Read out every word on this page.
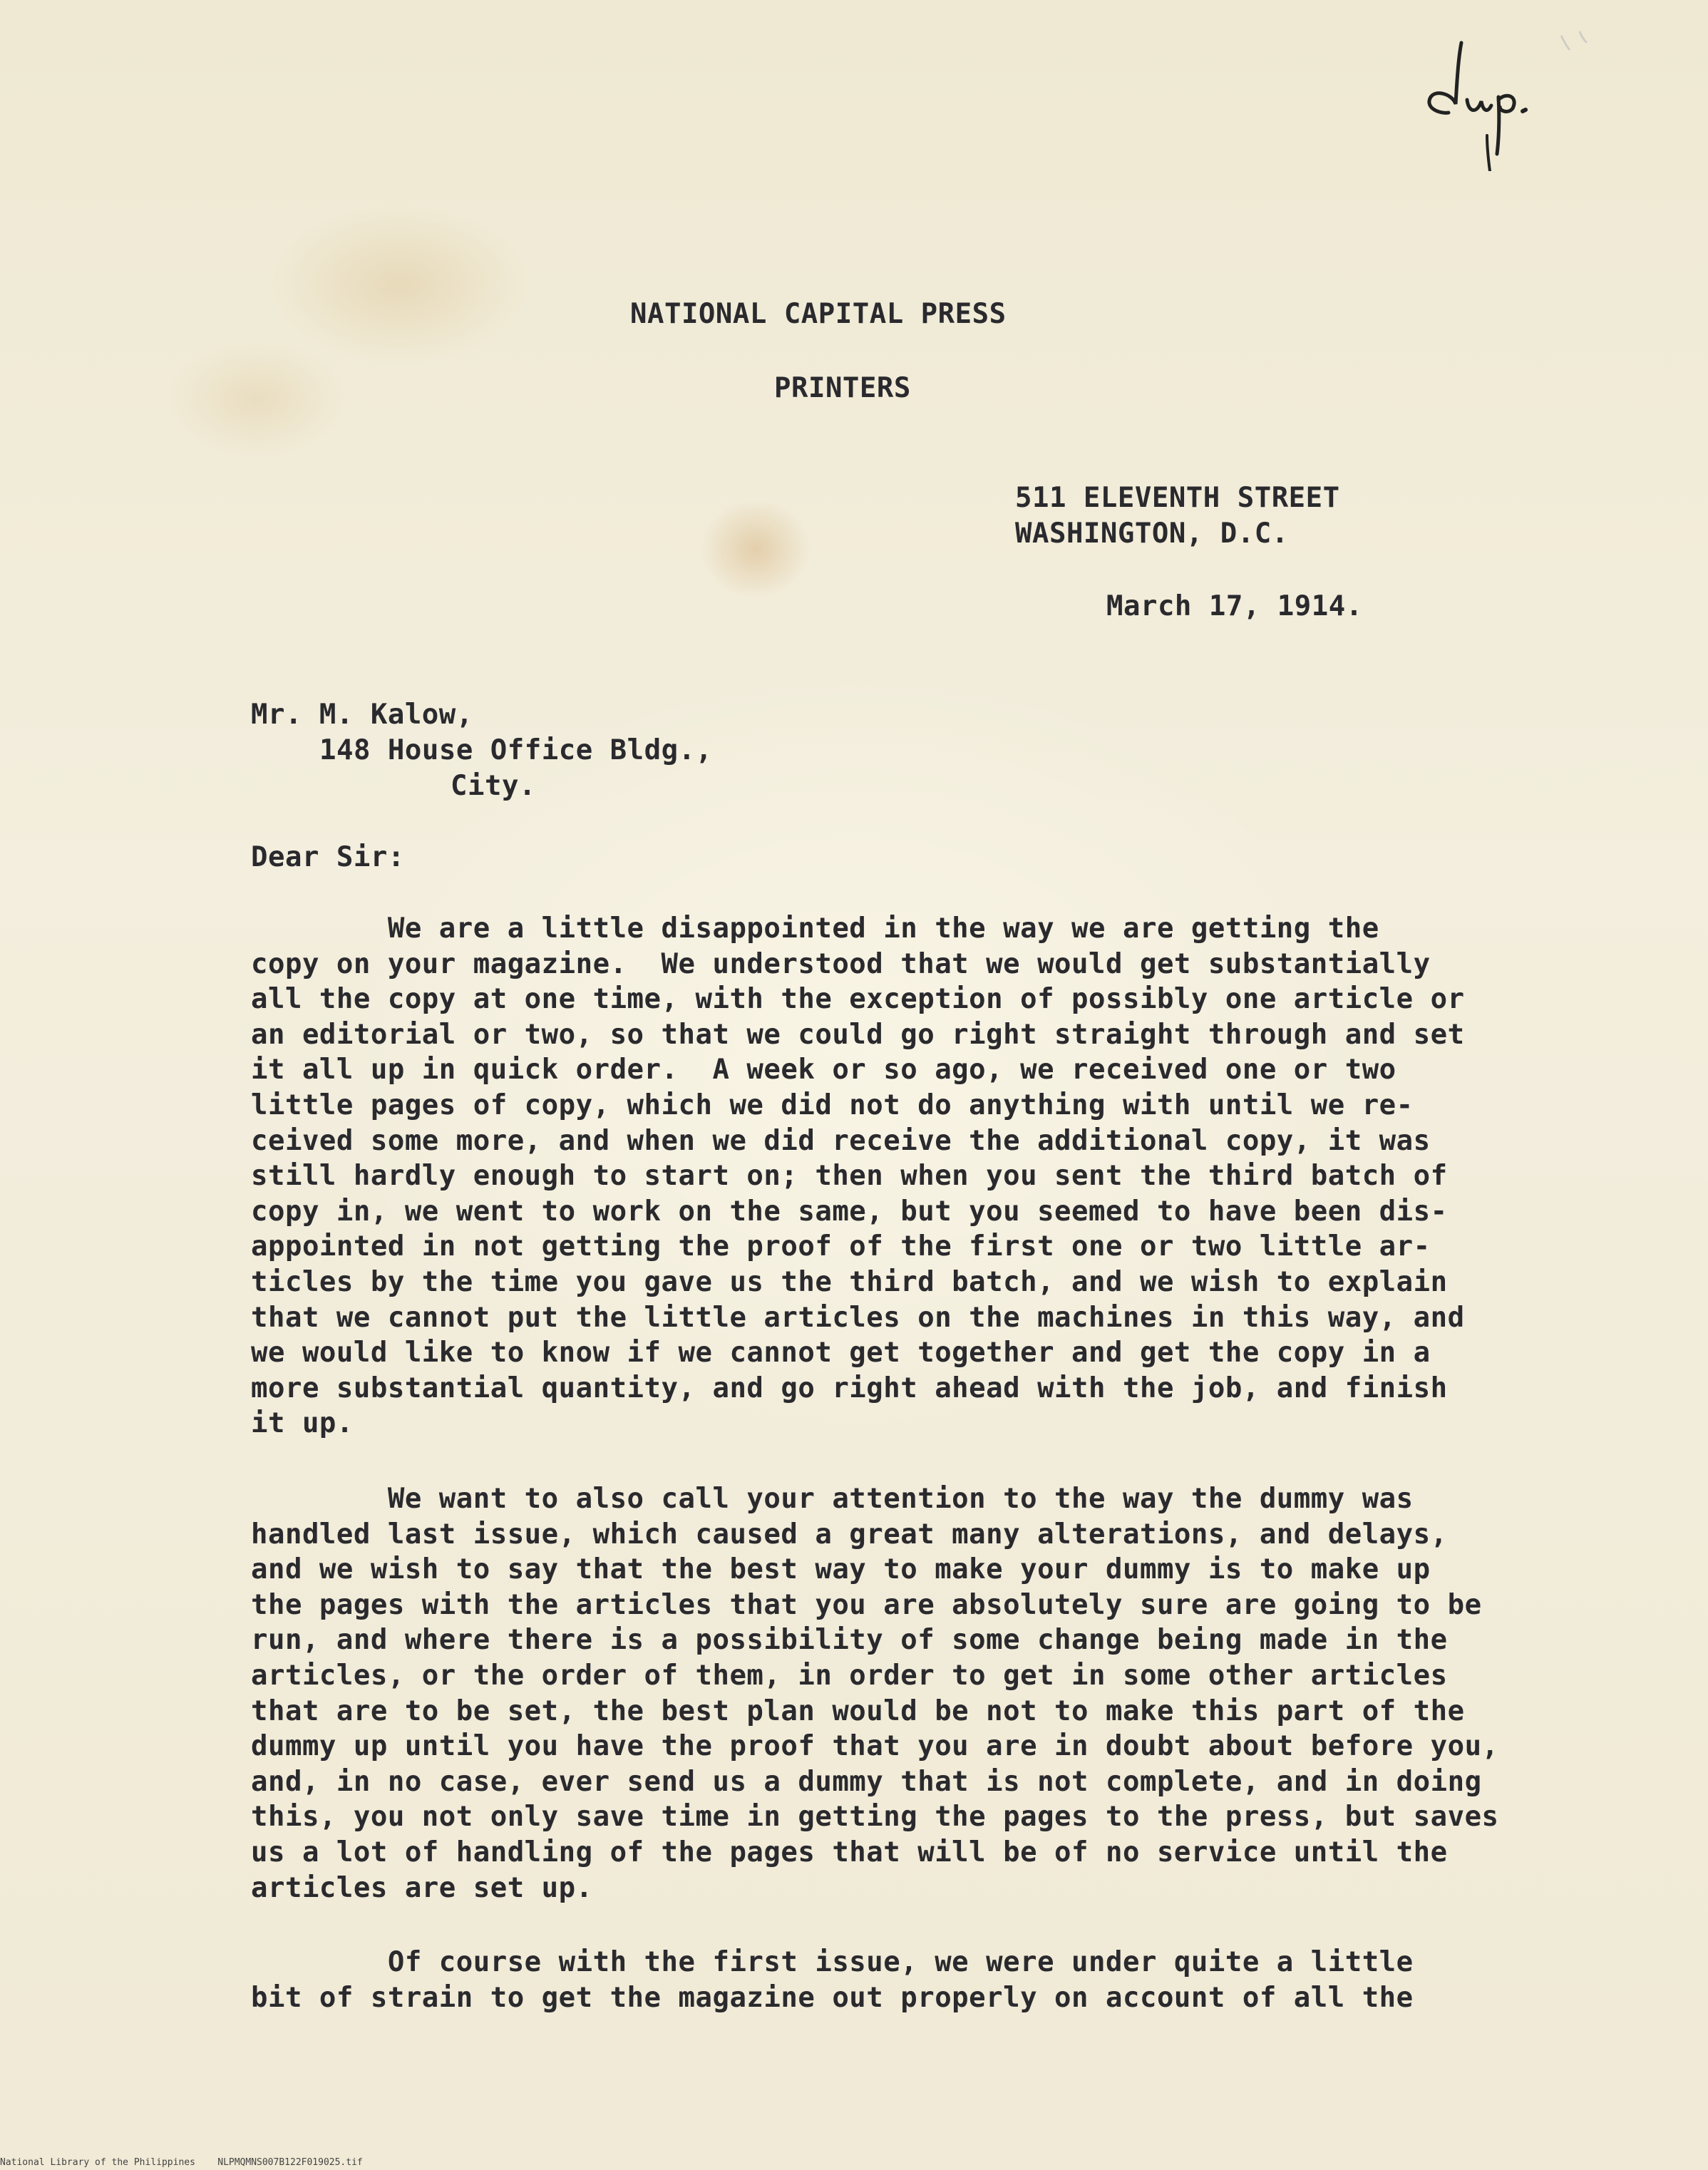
NATIONAL CAPITAL PRESS
PRINTERS
511 ELEVENTH STREET
WASHINGTON, D.C.
March 17, 1914.
Mr. M. Kalow,
148 House Office Bldg.,
City.
Dear Sir:
We are a little disappointed in the way we are getting the
copy on your magazine.  We understood that we would get substantially
all the copy at one time, with the exception of possibly one article or
an editorial or two, so that we could go right straight through and set
it all up in quick order.  A week or so ago, we received one or two
little pages of copy, which we did not do anything with until we re-
ceived some more, and when we did receive the additional copy, it was
still hardly enough to start on; then when you sent the third batch of
copy in, we went to work on the same, but you seemed to have been dis-
appointed in not getting the proof of the first one or two little ar-
ticles by the time you gave us the third batch, and we wish to explain
that we cannot put the little articles on the machines in this way, and
we would like to know if we cannot get together and get the copy in a
more substantial quantity, and go right ahead with the job, and finish
it up.
We want to also call your attention to the way the dummy was
handled last issue, which caused a great many alterations, and delays,
and we wish to say that the best way to make your dummy is to make up
the pages with the articles that you are absolutely sure are going to be
run, and where there is a possibility of some change being made in the
articles, or the order of them, in order to get in some other articles
that are to be set, the best plan would be not to make this part of the
dummy up until you have the proof that you are in doubt about before you,
and, in no case, ever send us a dummy that is not complete, and in doing
this, you not only save time in getting the pages to the press, but saves
us a lot of handling of the pages that will be of no service until the
articles are set up.
Of course with the first issue, we were under quite a little
bit of strain to get the magazine out properly on account of all the
National Library of the Philippines    NLPMQMNS007B122F019025.tif
